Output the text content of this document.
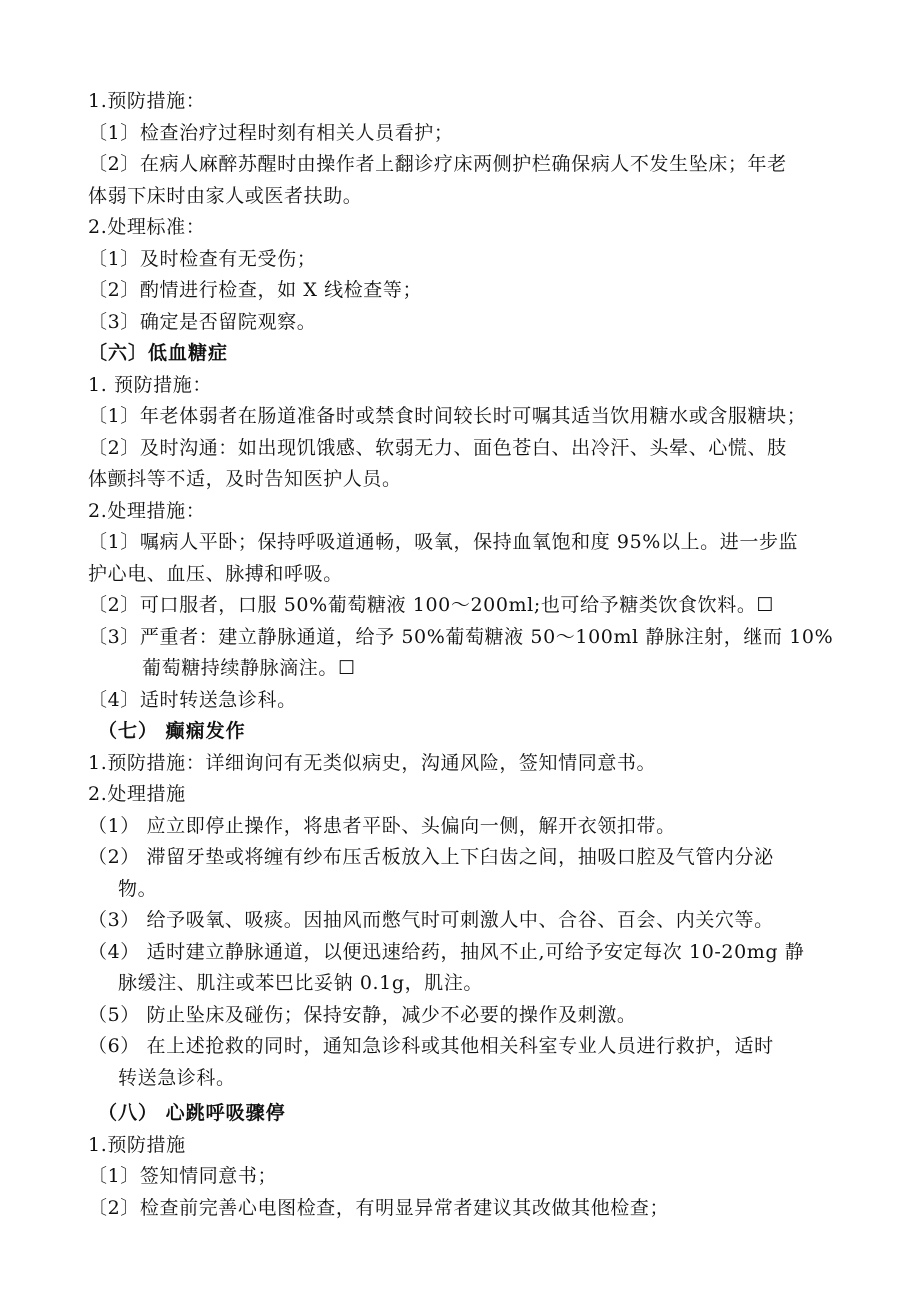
1.预防措施：
〔1〕检查治疗过程时刻有相关人员看护；
〔2〕在病人麻醉苏醒时由操作者上翻诊疗床两侧护栏确保病人不发生坠床；年老
体弱下床时由家人或医者扶助。
2.处理标准：
〔1〕及时检查有无受伤；
〔2〕酌情进行检查，如 X 线检查等；
〔3〕确定是否留院观察。
〔六〕低血糖症
1. 预防措施：
〔1〕年老体弱者在肠道准备时或禁食时间较长时可嘱其适当饮用糖水或含服糖块；
〔2〕及时沟通：如出现饥饿感、软弱无力、面色苍白、出冷汗、头晕、心慌、肢
体颤抖等不适，及时告知医护人员。
2.处理措施：
〔1〕嘱病人平卧；保持呼吸道通畅，吸氧，保持血氧饱和度 95%以上。进一步监
护心电、血压、脉搏和呼吸。
〔2〕可口服者，口服 50%葡萄糖液 100～200ml;也可给予糖类饮食饮料。☐
〔3〕严重者：建立静脉通道，给予 50%葡萄糖液 50～100ml 静脉注射，继而 10%
葡萄糖持续静脉滴注。☐
〔4〕适时转送急诊科。
（七） 癫痫发作
1.预防措施：详细询问有无类似病史，沟通风险，签知情同意书。
2.处理措施
（1） 应立即停止操作，将患者平卧、头偏向一侧，解开衣领扣带。
（2） 滞留牙垫或将缠有纱布压舌板放入上下臼齿之间，抽吸口腔及气管内分泌
物。
（3） 给予吸氧、吸痰。因抽风而憋气时可刺激人中、合谷、百会、内关穴等。
（4） 适时建立静脉通道，以便迅速给药，抽风不止,可给予安定每次 10-20mg 静
脉缓注、肌注或苯巴比妥钠 0.1g，肌注。
（5） 防止坠床及碰伤；保持安静，减少不必要的操作及刺激。
（6） 在上述抢救的同时，通知急诊科或其他相关科室专业人员进行救护，适时
转送急诊科。
（八） 心跳呼吸骤停
1.预防措施
〔1〕签知情同意书；
〔2〕检查前完善心电图检查，有明显异常者建议其改做其他检查；
